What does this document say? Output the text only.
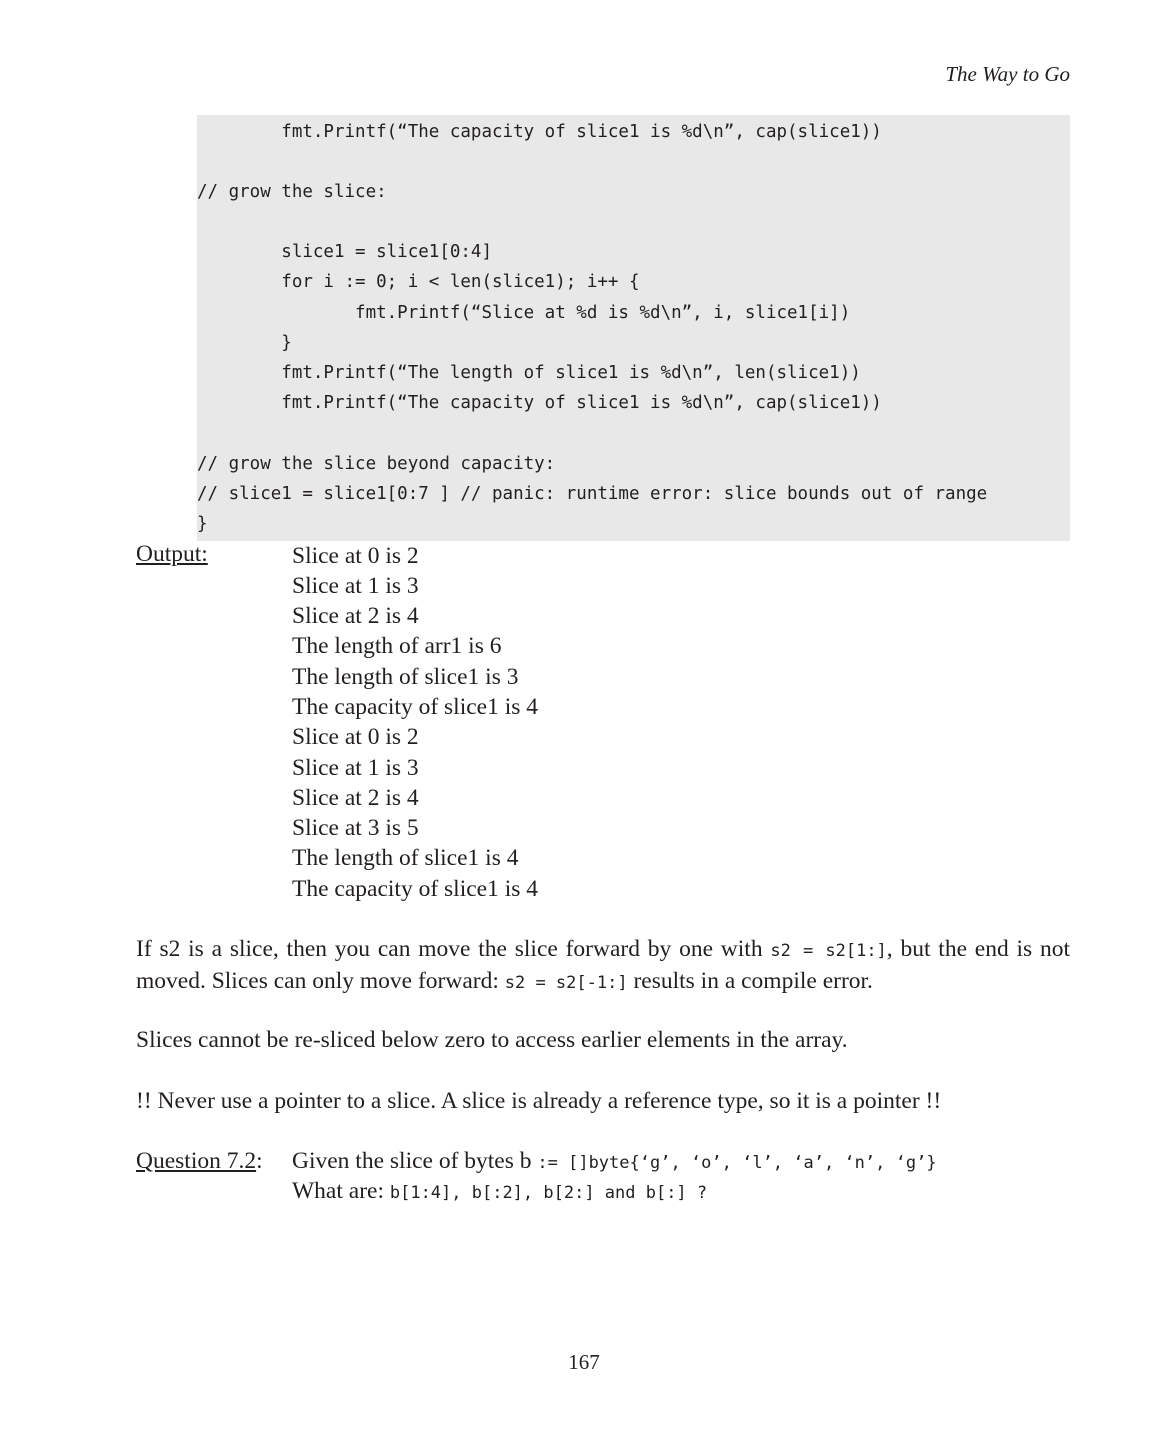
The Way to Go
fmt.Printf(“The capacity of slice1 is %d\n”, cap(slice1))
// grow the slice:
slice1 = slice1[0:4]
for i := 0; i < len(slice1); i++ {
fmt.Printf(“Slice at %d is %d\n”, i, slice1[i])
}
fmt.Printf(“The length of slice1 is %d\n”, len(slice1))
fmt.Printf(“The capacity of slice1 is %d\n”, cap(slice1))
// grow the slice beyond capacity:
// slice1 = slice1[0:7 ] // panic: runtime error: slice bounds out of range
}
Output:	Slice at 0 is 2
Slice at 1 is 3
Slice at 2 is 4
The length of arr1 is 6
The length of slice1 is 3
The capacity of slice1 is 4
Slice at 0 is 2
Slice at 1 is 3
Slice at 2 is 4
Slice at 3 is 5
The length of slice1 is 4
The capacity of slice1 is 4
If s2 is a slice, then you can move the slice forward by one with s2 = s2[1:], but the end is not
moved. Slices can only move forward: s2 = s2[-1:] results in a compile error.
Slices cannot be re-sliced below zero to access earlier elements in the array.
!! Never use a pointer to a slice. A slice is already a reference type, so it is a pointer !!
Question 7.2: Given the slice of bytes b := []byte{‘g’, ‘o’, ‘l’, ‘a’, ‘n’, ‘g’}
What are: b[1:4], b[:2], b[2:] and b[:] ?
167
